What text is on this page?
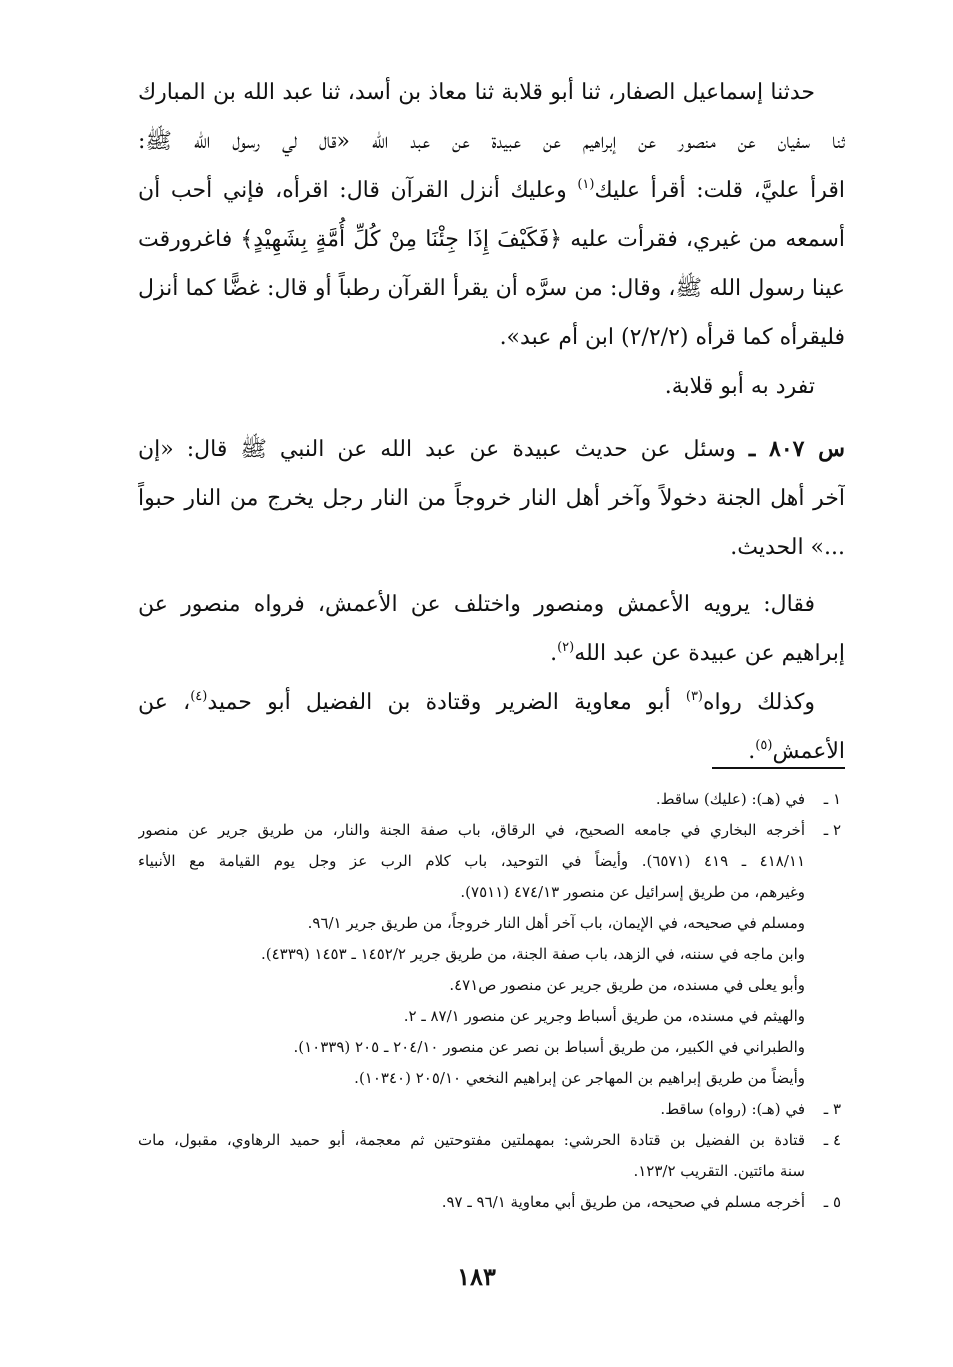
حدثنا إسماعيل الصفار، ثنا أبو قلابة ثنا معاذ بن أسد، ثنا عبد الله بن المبارك
ثنا سفيان عن منصور عن إبراهيم عن عبيدة عن عبد الله «قال لي رسول الله ﷺ:
اقرأ عليَّ، قلت: أقرأ عليك$^{(١)}$ وعليك أنزل القرآن قال: اقرأه، فإني أحب أن
أسمعه من غيري، فقرأت عليه ﴿فَكَيْفَ إِذَا جِئْنَا مِنْ كُلِّ أُمَّةٍ بِشَهِيْدٍ﴾ فاغرورقت
عينا رسول الله ﷺ، وقال: من سرَّه أن يقرأ القرآن رطباً أو قال: غضًّا كما أنزل
فليقرأه كما قرأه (٢/٢/٢) ابن أم عبد».
تفرد به أبو قلابة.
س ٨٠٧ ـ وسئل عن حديث عبيدة عن عبد الله عن النبي ﷺ قال: «إن
آخر أهل الجنة دخولاً وآخر أهل النار خروجاً من النار رجل يخرج من النار حبواً
...» الحديث.
فقال: يرويه الأعمش ومنصور واختلف عن الأعمش، فرواه منصور عن
إبراهيم عن عبيدة عن عبد الله$^{(٢)}$.
وكذلك رواه$^{(٣)}$ أبو معاوية الضرير وقتادة بن الفضيل أبو حميد$^{(٤)}$، عن
الأعمش$^{(٥)}$.
١ ـ
في (هـ): (عليك) ساقط.
٢ ـ
أخرجه البخاري في جامعه الصحيح، في الرقاق، باب صفة الجنة والنار، من طريق جرير عن منصور
٤١٨/١١ ـ ٤١٩ (٦٥٧١). وأيضاً في التوحيد، باب كلام الرب عز وجل يوم القيامة مع الأنبياء
وغيرهم، من طريق إسرائيل عن منصور ٤٧٤/١٣ (٧٥١١).
ومسلم في صحيحه، في الإيمان، باب آخر أهل النار خروجاً، من طريق جرير ٩٦/١.
وابن ماجه في سننه، في الزهد، باب صفة الجنة، من طريق جرير ١٤٥٢/٢ ـ ١٤٥٣ (٤٣٣٩).
وأبو يعلى في مسنده، من طريق جرير عن منصور ص٤٧١.
والهيثم في مسنده، من طريق أسباط وجرير عن منصور ٨٧/١ ـ ٢.
والطبراني في الكبير، من طريق أسباط بن نصر عن منصور ٢٠٤/١٠ ـ ٢٠٥ (١٠٣٣٩).
وأيضاً من طريق إبراهيم بن المهاجر عن إبراهيم النخعي ٢٠٥/١٠ (١٠٣٤٠).
٣ ـ
في (هـ): (رواه) ساقط.
٤ ـ
قتادة بن الفضيل بن قتادة الحرشي: بمهملتين مفتوحتين ثم معجمة، أبو حميد الرهاوي، مقبول، مات
سنة مائتين. التقريب ١٢٣/٢.
٥ ـ
أخرجه مسلم في صحيحه، من طريق أبي معاوية ٩٦/١ ـ ٩٧.
١٨٣
